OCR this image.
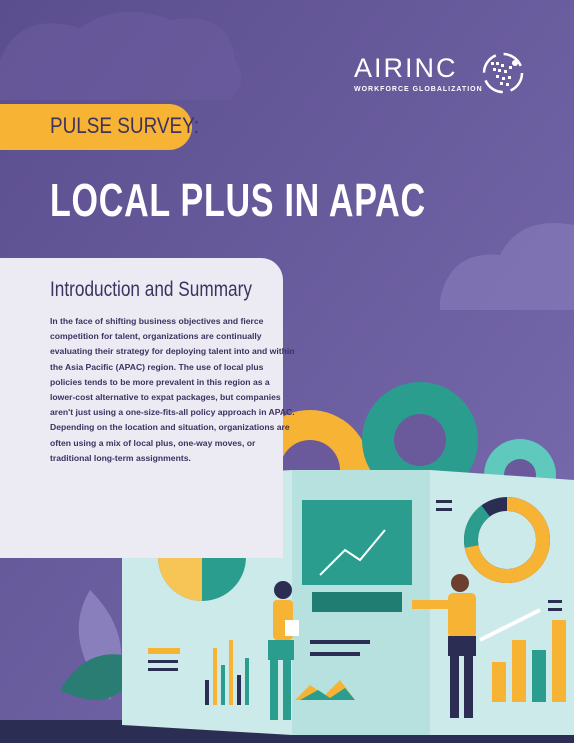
AIRINC
WORKFORCE GLOBALIZATION
PULSE SURVEY:
LOCAL PLUS IN APAC
Introduction and Summary
In the face of shifting business objectives and fierce competition for talent, organizations are continually evaluating their strategy for deploying talent into and within the Asia Pacific (APAC) region. The use of local plus policies tends to be more prevalent in this region as a lower-cost alternative to expat packages, but companies aren't just using a one-size-fits-all policy approach in APAC. Depending on the location and situation, organizations are often using a mix of local plus, one-way moves, or traditional long-term assignments.
